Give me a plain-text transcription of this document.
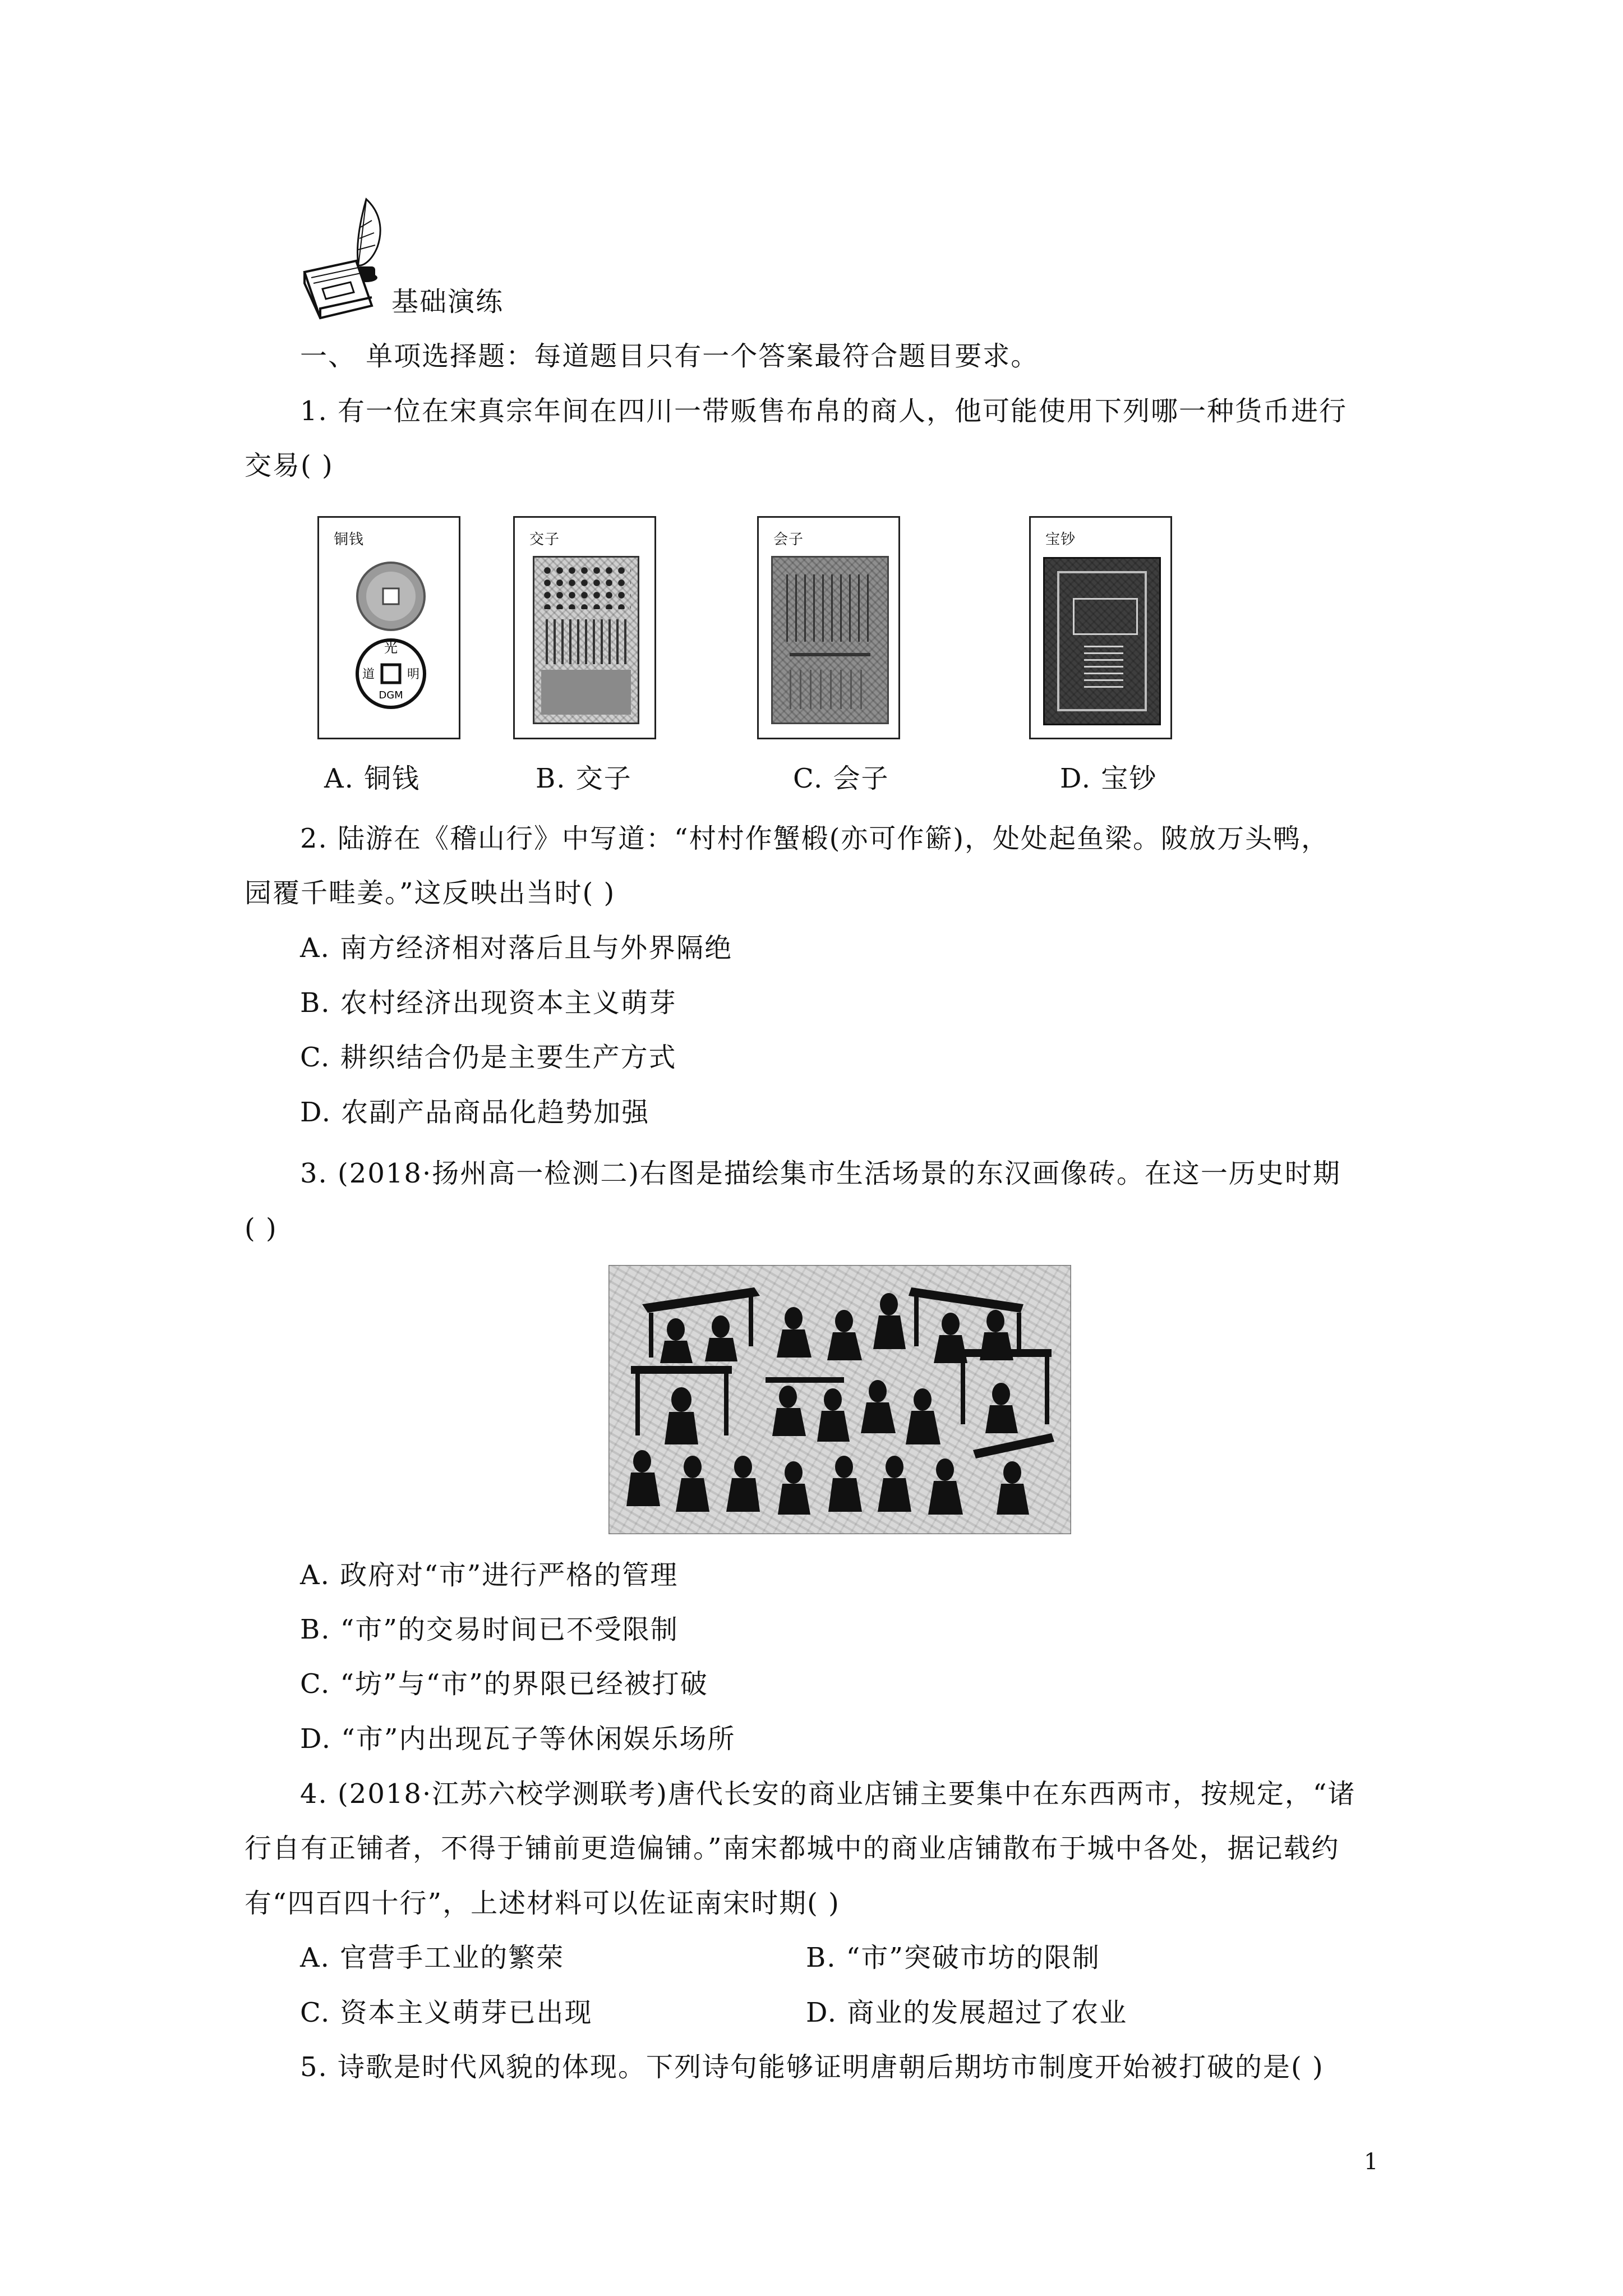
基础演练
一、 单项选择题：每道题目只有一个答案最符合题目要求。
1. 有一位在宋真宗年间在四川一带贩售布帛的商人，他可能使用下列哪一种货币进行
交易( )
铜钱
光
道	明
DGM
交子	会子	宝钞
A. 铜钱	B. 交子	C. 会子	D. 宝钞
2. 陆游在《稽山行》中写道：“村村作蟹椴(亦可作簖)，处处起鱼梁。陂放万头鸭，
园覆千畦姜。”这反映出当时( )
A. 南方经济相对落后且与外界隔绝
B. 农村经济出现资本主义萌芽
C. 耕织结合仍是主要生产方式
D. 农副产品商品化趋势加强
3. (2018·扬州高一检测二)右图是描绘集市生活场景的东汉画像砖。在这一历史时期
( )
A. 政府对“市”进行严格的管理
B. “市”的交易时间已不受限制
C. “坊”与“市”的界限已经被打破
D. “市”内出现瓦子等休闲娱乐场所
4. (2018·江苏六校学测联考)唐代长安的商业店铺主要集中在东西两市，按规定，“诸
行自有正铺者，不得于铺前更造偏铺。”南宋都城中的商业店铺散布于城中各处，据记载约
有“四百四十行”，上述材料可以佐证南宋时期( )
A. 官营手工业的繁荣	B. “市”突破市坊的限制
C. 资本主义萌芽已出现	D. 商业的发展超过了农业
5. 诗歌是时代风貌的体现。下列诗句能够证明唐朝后期坊市制度开始被打破的是( )
1
